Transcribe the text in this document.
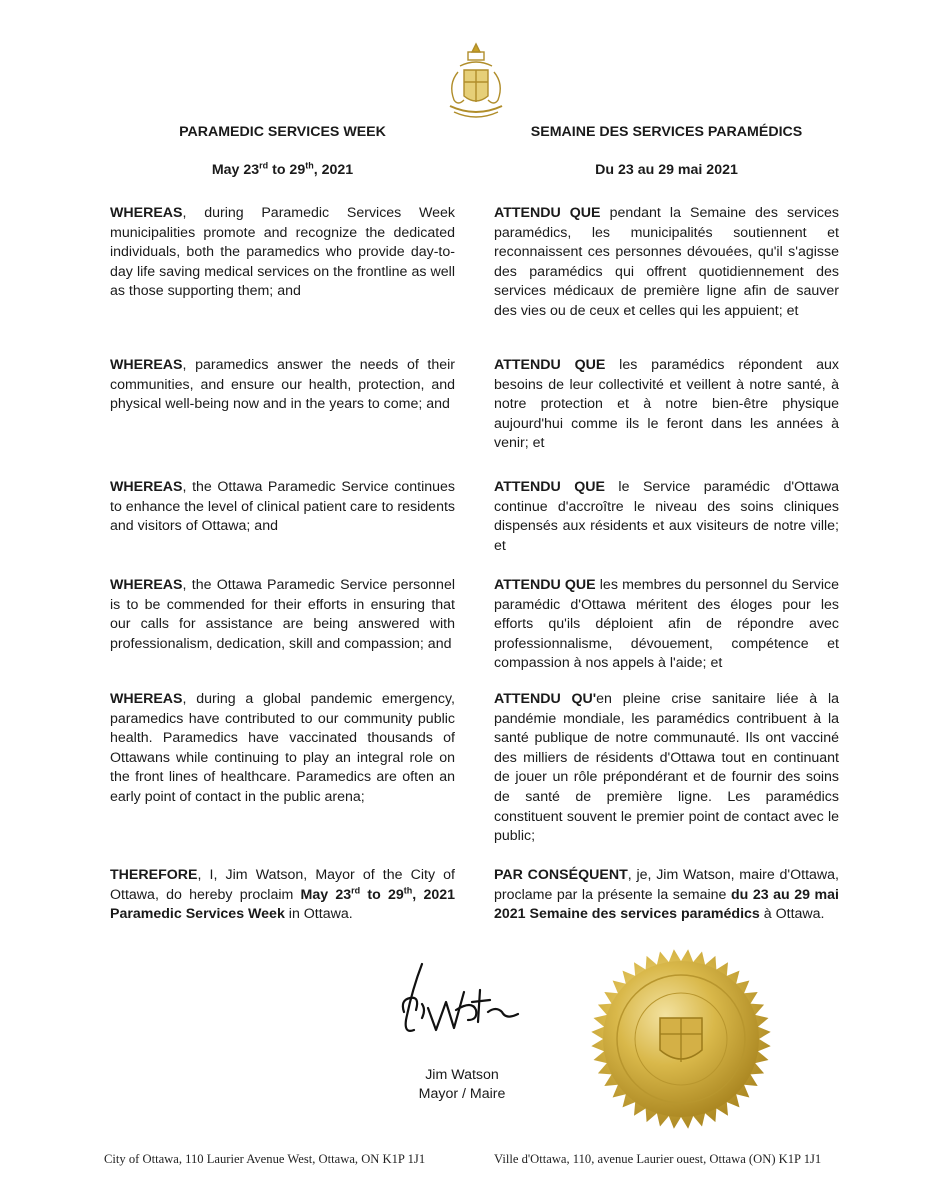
PARAMEDIC SERVICES WEEK	SEMAINE DES SERVICES PARAMÉDICS
May 23rd to 29th, 2021	Du 23 au 29 mai 2021
WHEREAS, during Paramedic Services Week municipalities promote and recognize the dedicated individuals, both the paramedics who provide day-to-day life saving medical services on the frontline as well as those supporting them; and
WHEREAS, paramedics answer the needs of their communities, and ensure our health, protection, and physical well-being now and in the years to come; and
WHEREAS, the Ottawa Paramedic Service continues to enhance the level of clinical patient care to residents and visitors of Ottawa; and
WHEREAS, the Ottawa Paramedic Service personnel is to be commended for their efforts in ensuring that our calls for assistance are being answered with professionalism, dedication, skill and compassion; and
WHEREAS, during a global pandemic emergency, paramedics have contributed to our community public health. Paramedics have vaccinated thousands of Ottawans while continuing to play an integral role on the front lines of healthcare. Paramedics are often an early point of contact in the public arena;
THEREFORE, I, Jim Watson, Mayor of the City of Ottawa, do hereby proclaim May 23rd to 29th, 2021 Paramedic Services Week in Ottawa.
ATTENDU QUE pendant la Semaine des services paramédics, les municipalités soutiennent et reconnaissent ces personnes dévouées, qu'il s'agisse des paramédics qui offrent quotidiennement des services médicaux de première ligne afin de sauver des vies ou de ceux et celles qui les appuient; et
ATTENDU QUE les paramédics répondent aux besoins de leur collectivité et veillent à notre santé, à notre protection et à notre bien-être physique aujourd'hui comme ils le feront dans les années à venir; et
ATTENDU QUE le Service paramédic d'Ottawa continue d'accroître le niveau des soins cliniques dispensés aux résidents et aux visiteurs de notre ville; et
ATTENDU QUE les membres du personnel du Service paramédic d'Ottawa méritent des éloges pour les efforts qu'ils déploient afin de répondre avec professionnalisme, dévouement, compétence et compassion à nos appels à l'aide; et
ATTENDU QU'en pleine crise sanitaire liée à la pandémie mondiale, les paramédics contribuent à la santé publique de notre communauté. Ils ont vacciné des milliers de résidents d'Ottawa tout en continuant de jouer un rôle prépondérant et de fournir des soins de santé de première ligne. Les paramédics constituent souvent le premier point de contact avec le public;
PAR CONSÉQUENT, je, Jim Watson, maire d'Ottawa, proclame par la présente la semaine du 23 au 29 mai 2021 Semaine des services paramédics à Ottawa.
Jim Watson
Mayor / Maire
City of Ottawa, 110 Laurier Avenue West, Ottawa, ON K1P 1J1	Ville d'Ottawa, 110, avenue Laurier ouest, Ottawa (ON) K1P 1J1
